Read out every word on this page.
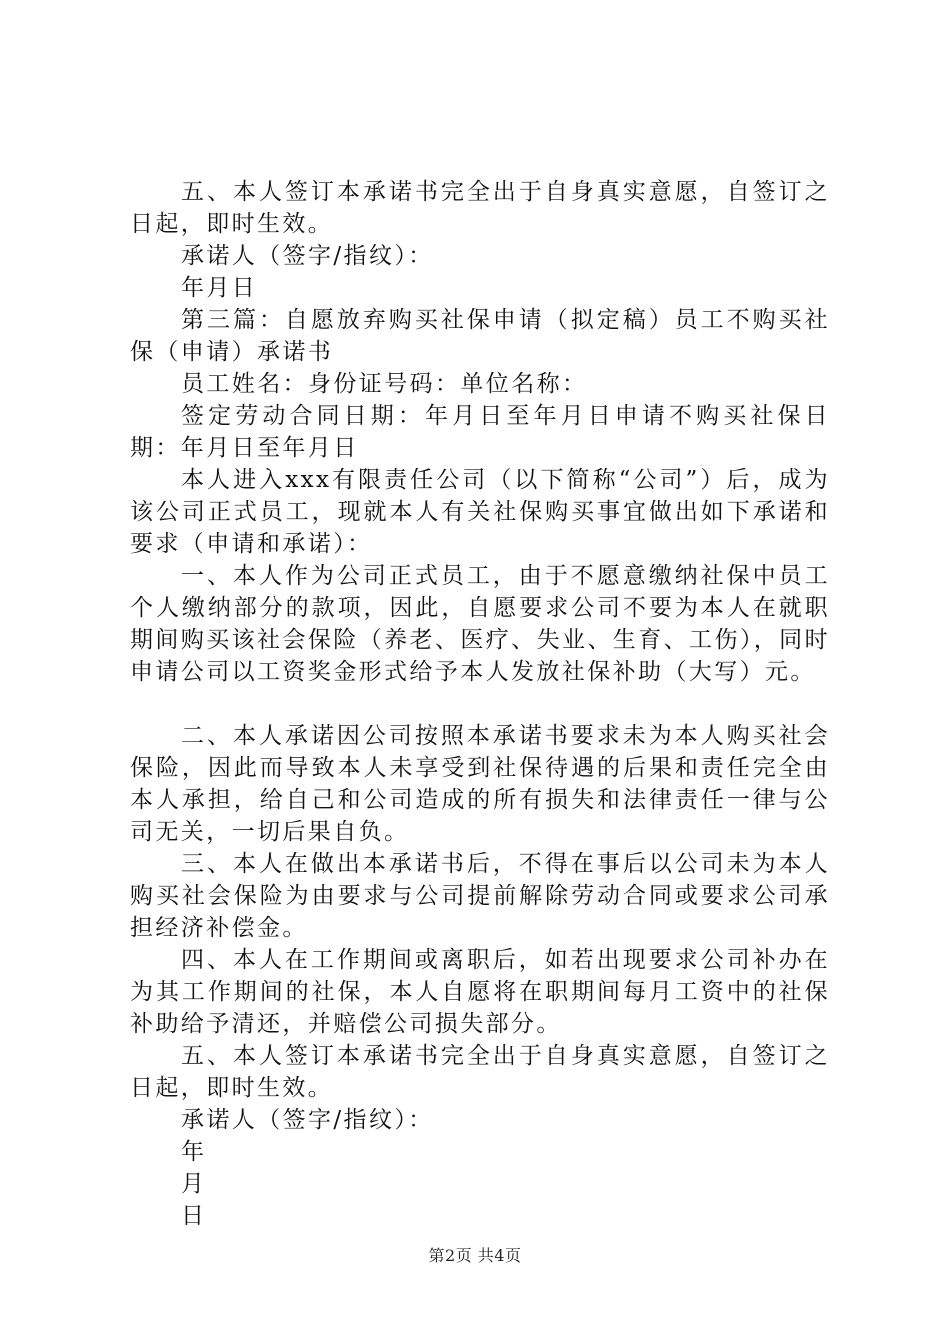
五、本人签订本承诺书完全出于自身真实意愿，自签订之日起，即时生效。

承诺人（签字/指纹）：

年月日

第三篇：自愿放弃购买社保申请（拟定稿）员工不购买社保（申请）承诺书

员工姓名：身份证号码：单位名称：

签定劳动合同日期：年月日至年月日申请不购买社保日期：年月日至年月日

本人进入xxx有限责任公司（以下简称“公司”）后，成为该公司正式员工，现就本人有关社保购买事宜做出如下承诺和要求（申请和承诺）：

一、本人作为公司正式员工，由于不愿意缴纳社保中员工个人缴纳部分的款项，因此，自愿要求公司不要为本人在就职期间购买该社会保险（养老、医疗、失业、生育、工伤），同时申请公司以工资奖金形式给予本人发放社保补助（大写）元。

二、本人承诺因公司按照本承诺书要求未为本人购买社会保险，因此而导致本人未享受到社保待遇的后果和责任完全由本人承担，给自己和公司造成的所有损失和法律责任一律与公司无关，一切后果自负。

三、本人在做出本承诺书后，不得在事后以公司未为本人购买社会保险为由要求与公司提前解除劳动合同或要求公司承担经济补偿金。

四、本人在工作期间或离职后，如若出现要求公司补办在为其工作期间的社保，本人自愿将在职期间每月工资中的社保补助给予清还，并赔偿公司损失部分。

五、本人签订本承诺书完全出于自身真实意愿，自签订之日起，即时生效。

承诺人（签字/指纹）：

年

月

日

第2页 共4页
